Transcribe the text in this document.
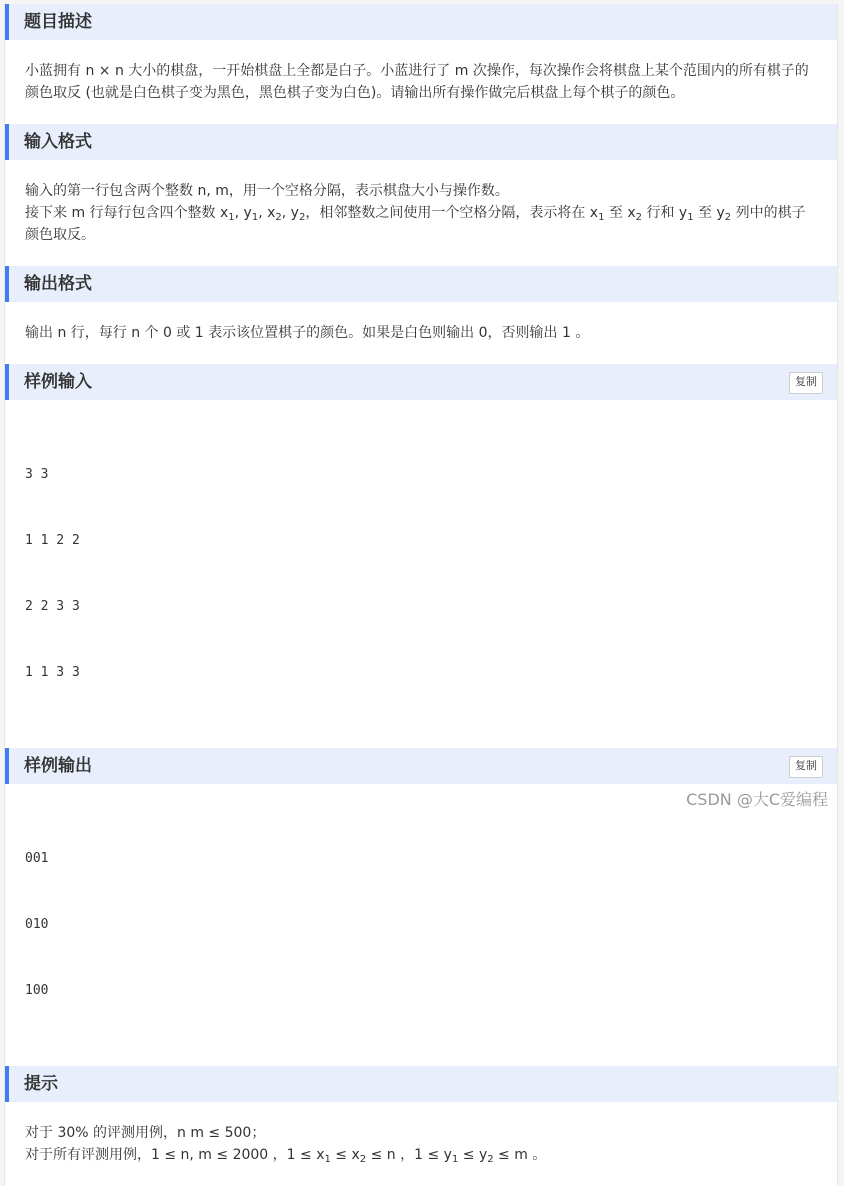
题目描述
小蓝拥有 n × n 大小的棋盘，一开始棋盘上全都是白子。小蓝进行了 m 次操作，每次操作会将棋盘上某个范围内的所有棋子的颜色取反 (也就是白色棋子变为黑色，黑色棋子变为白色)。请输出所有操作做完后棋盘上每个棋子的颜色。
输入格式
输入的第一行包含两个整数 n, m，用一个空格分隔，表示棋盘大小与操作数。
接下来 m 行每行包含四个整数 $x_1$, $y_1$, $x_2$, $y_2$，相邻整数之间使用一个空格分隔，表示将在 $x_1$ 至 $x_2$ 行和 $y_1$ 至 $y_2$ 列中的棋子颜色取反。
输出格式
输出 n 行，每行 n 个 0 或 1 表示该位置棋子的颜色。如果是白色则输出 0，否则输出 1 。
样例输入	复制

3 3

1 1 2 2

2 2 3 3

1 1 3 3

样例输出	复制

001

010

100

提示
对于 30% 的评测用例，n m ≤ 500；
对于所有评测用例，1 ≤ n, m ≤ 2000 ，$1 \le x_1 \le x_2 \le n$ ，$1 \le y_1 \le y_2 \le m$ 。
CSDN @大C爱编程
